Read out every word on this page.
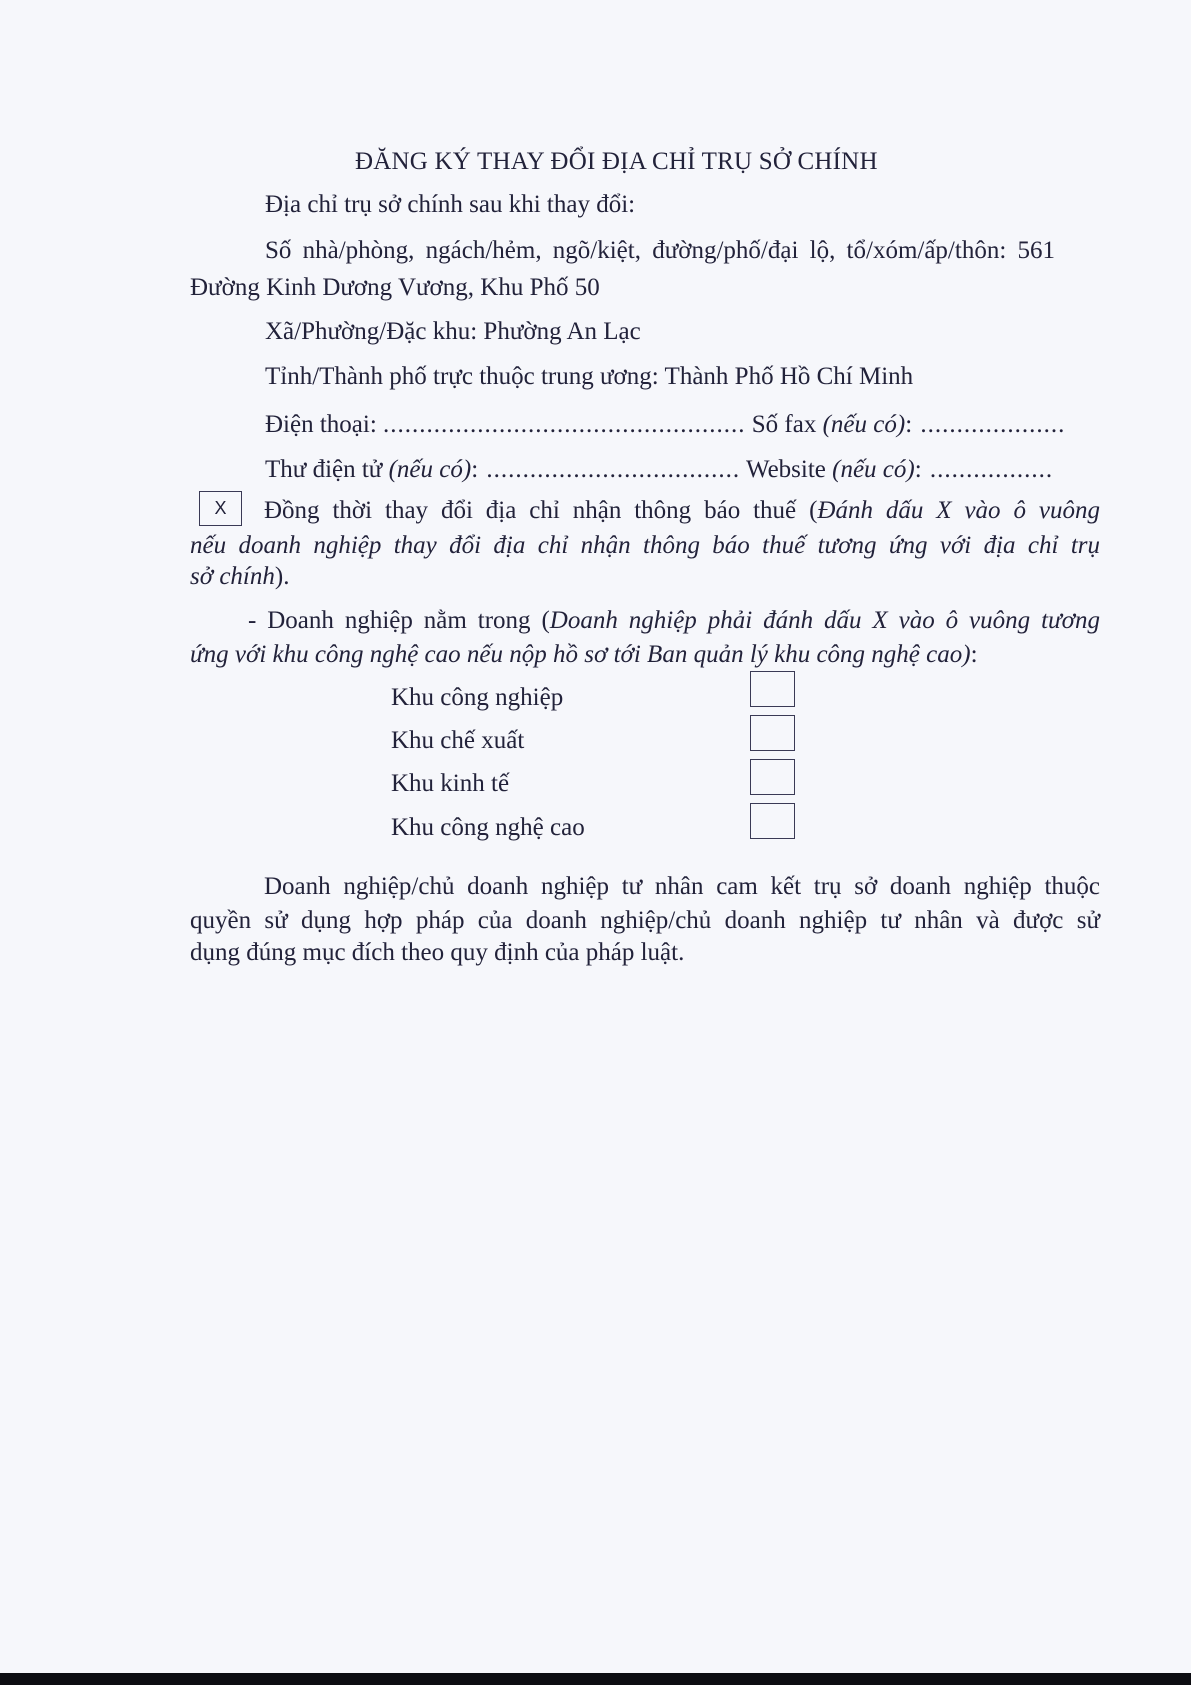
ĐĂNG KÝ THAY ĐỔI ĐỊA CHỈ TRỤ SỞ CHÍNH
Địa chỉ trụ sở chính sau khi thay đổi:
Số nhà/phòng, ngách/hẻm, ngõ/kiệt, đường/phố/đại lộ, tổ/xóm/ấp/thôn: 561
Đường Kinh Dương Vương, Khu Phố 50
Xã/Phường/Đặc khu: Phường An Lạc
Tỉnh/Thành phố trực thuộc trung ương: Thành Phố Hồ Chí Minh
Điện thoại: .................................................. Số fax (nếu có): ....................
Thư điện tử (nếu có): ................................... Website (nếu có): .................
X	Đồng thời thay đổi địa chỉ nhận thông báo thuế (Đánh dấu X vào ô vuông
nếu doanh nghiệp thay đổi địa chỉ nhận thông báo thuế tương ứng với địa chỉ trụ
sở chính).
- Doanh nghiệp nằm trong (Doanh nghiệp phải đánh dấu X vào ô vuông tương
ứng với khu công nghệ cao nếu nộp hồ sơ tới Ban quản lý khu công nghệ cao):
Khu công nghiệp
Khu chế xuất
Khu kinh tế
Khu công nghệ cao
Doanh nghiệp/chủ doanh nghiệp tư nhân cam kết trụ sở doanh nghiệp thuộc
quyền sử dụng hợp pháp của doanh nghiệp/chủ doanh nghiệp tư nhân và được sử
dụng đúng mục đích theo quy định của pháp luật.
